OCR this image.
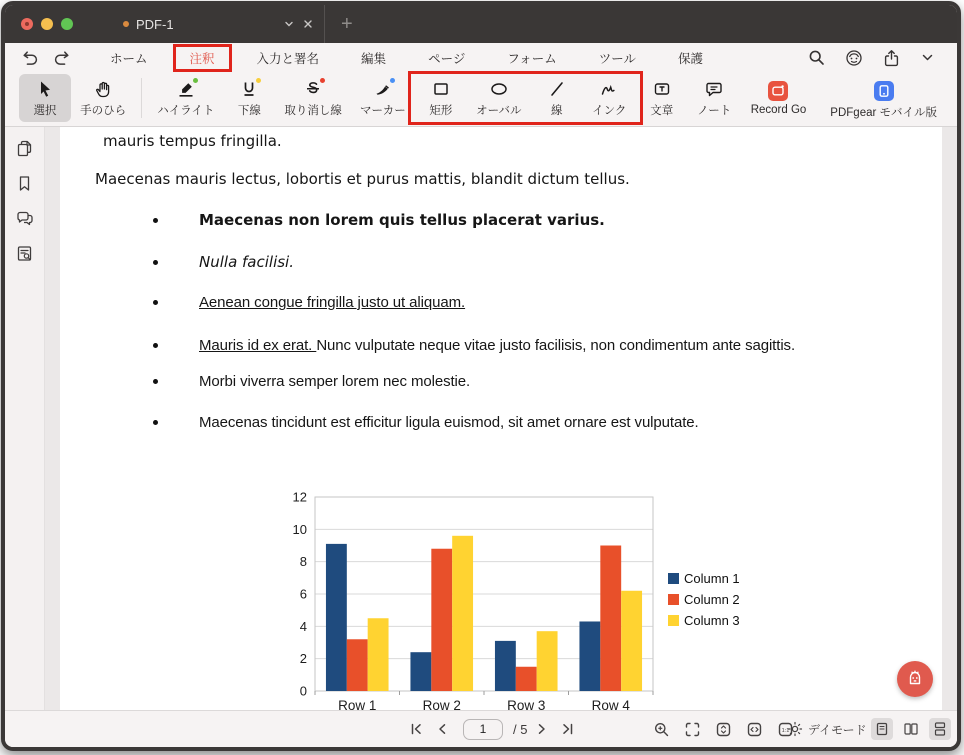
PDF-1	+
ホーム	注釈	入力と署名	編集	ページ	フォーム	ツール	保護
選択 手のひら	ハイライト 下線 取り消し線 マーカー 矩形 オーバル	線	インク 文章 ノート Record Go PDFgear モバイル版

mauris tempus fringilla.

Maecenas mauris lectus, lobortis et purus mattis, blandit dictum tellus.

Maecenas non lorem quis tellus placerat varius.
Nulla facilisi.
Aenean congue fringilla justo ut aliquam.
Mauris id ex erat. Nunc vulputate neque vitae justo facilisis, non condimentum ante sagittis.
Morbi viverra semper lorem nec molestie.
Maecenas tincidunt est efficitur ligula euismod, sit amet ornare est vulputate.
0
2
4
6
8
10
12
Row 1	Row 2	Row 3	Row 4
Column 1
Column 2
Column 3
1
/ 5	1:1 デイモード
